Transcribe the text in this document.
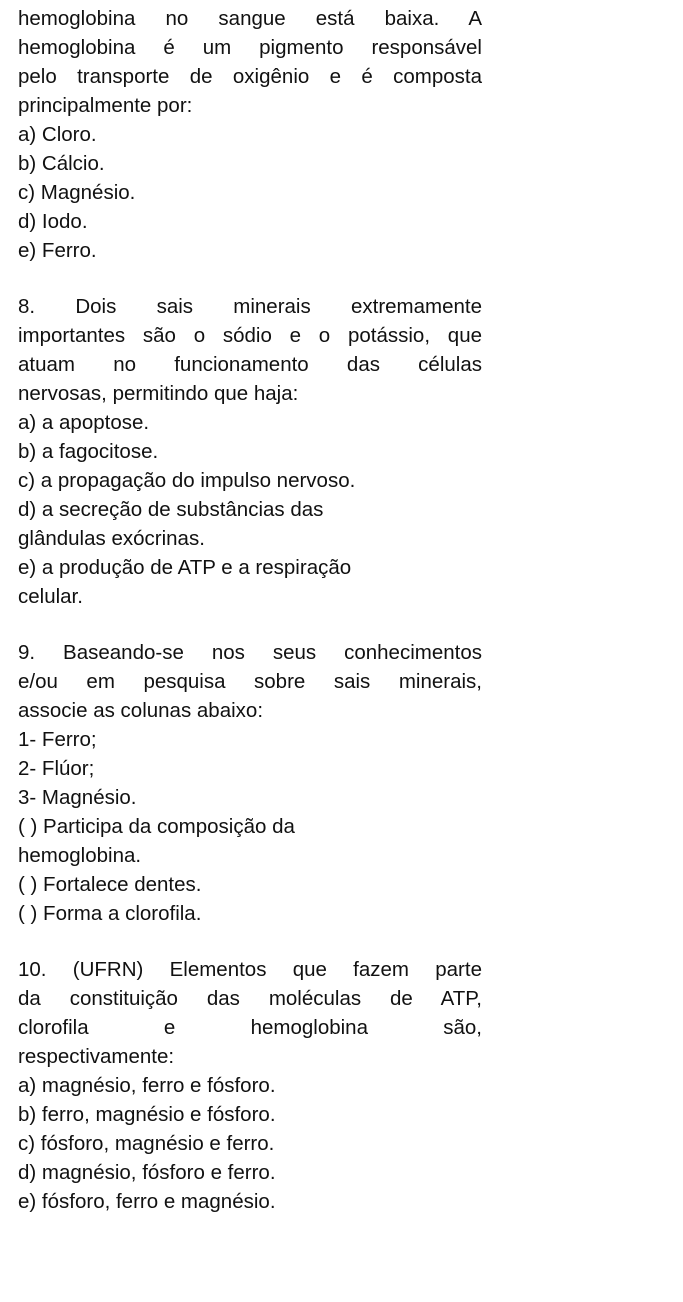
hemoglobina no sangue está baixa. A
hemoglobina é um pigmento responsável
pelo transporte de oxigênio e é composta
principalmente por:
a) Cloro.
b) Cálcio.
c) Magnésio.
d) Iodo.
e) Ferro.
8. Dois sais minerais extremamente
importantes são o sódio e o potássio, que
atuam no funcionamento das células
nervosas, permitindo que haja:
a) a apoptose.
b) a fagocitose.
c) a propagação do impulso nervoso.
d) a secreção de substâncias das
glândulas exócrinas.
e) a produção de ATP e a respiração
celular.
9. Baseando-se nos seus conhecimentos
e/ou em pesquisa sobre sais minerais,
associe as colunas abaixo:
1- Ferro;
2- Flúor;
3- Magnésio.
( ) Participa da composição da
hemoglobina.
( ) Fortalece dentes.
( ) Forma a clorofila.
10. (UFRN) Elementos que fazem parte
da constituição das moléculas de ATP,
clorofila e hemoglobina são,
respectivamente:
a) magnésio, ferro e fósforo.
b) ferro, magnésio e fósforo.
c) fósforo, magnésio e ferro.
d) magnésio, fósforo e ferro.
e) fósforo, ferro e magnésio.
